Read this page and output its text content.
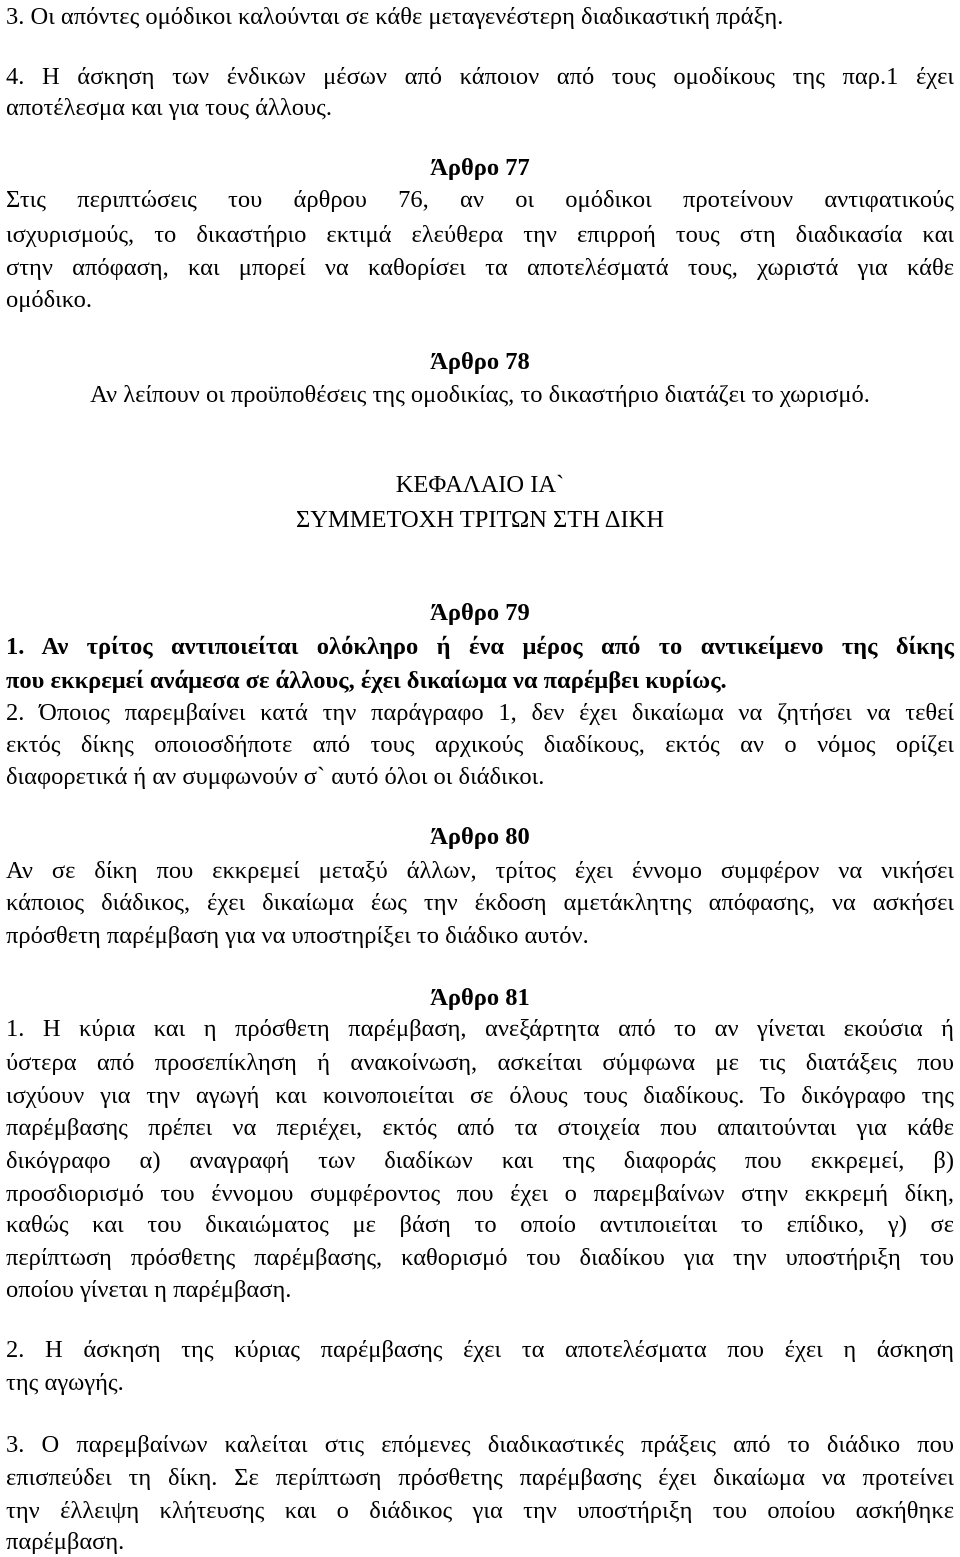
3. Οι απόντες ομόδικοι καλούνται σε κάθε μεταγενέστερη διαδικαστική πράξη.
4. Η άσκηση των ένδικων μέσων από κάποιον από τους ομοδίκους της παρ.1 έχει
αποτέλεσμα και για τους άλλους.
Άρθρο 77
Στις περιπτώσεις του άρθρου 76, αν οι ομόδικοι προτείνουν αντιφατικούς
ισχυρισμούς, το δικαστήριο εκτιμά ελεύθερα την επιρροή τους στη διαδικασία και
στην απόφαση, και μπορεί να καθορίσει τα αποτελέσματά τους, χωριστά για κάθε
ομόδικο.
Άρθρο 78
Αν λείπουν οι προϋποθέσεις της ομοδικίας, το δικαστήριο διατάζει το χωρισμό.
ΚΕΦΑΛΑΙΟ ΙΑ`
ΣΥΜΜΕΤΟΧΗ ΤΡΙΤΩΝ ΣΤΗ ΔΙΚΗ
Άρθρο 79
1. Αν τρίτος αντιποιείται ολόκληρο ή ένα μέρος από το αντικείμενο της δίκης
που εκκρεμεί ανάμεσα σε άλλους, έχει δικαίωμα να παρέμβει κυρίως.
2. Όποιος παρεμβαίνει κατά την παράγραφο 1, δεν έχει δικαίωμα να ζητήσει να τεθεί
εκτός δίκης οποιοσδήποτε από τους αρχικούς διαδίκους, εκτός αν ο νόμος ορίζει
διαφορετικά ή αν συμφωνούν σ` αυτό όλοι οι διάδικοι.
Άρθρο 80
Αν σε δίκη που εκκρεμεί μεταξύ άλλων, τρίτος έχει έννομο συμφέρον να νικήσει
κάποιος διάδικος, έχει δικαίωμα έως την έκδοση αμετάκλητης απόφασης, να ασκήσει
πρόσθετη παρέμβαση για να υποστηρίξει το διάδικο αυτόν.
Άρθρο 81
1. Η κύρια και η πρόσθετη παρέμβαση, ανεξάρτητα από το αν γίνεται εκούσια ή
ύστερα από προσεπίκληση ή ανακοίνωση, ασκείται σύμφωνα με τις διατάξεις που
ισχύουν για την αγωγή και κοινοποιείται σε όλους τους διαδίκους. Το δικόγραφο της
παρέμβασης πρέπει να περιέχει, εκτός από τα στοιχεία που απαιτούνται για κάθε
δικόγραφο α) αναγραφή των διαδίκων και της διαφοράς που εκκρεμεί, β)
προσδιορισμό του έννομου συμφέροντος που έχει ο παρεμβαίνων στην εκκρεμή δίκη,
καθώς και του δικαιώματος με βάση το οποίο αντιποιείται το επίδικο, γ) σε
περίπτωση πρόσθετης παρέμβασης, καθορισμό του διαδίκου για την υποστήριξη του
οποίου γίνεται η παρέμβαση.
2. Η άσκηση της κύριας παρέμβασης έχει τα αποτελέσματα που έχει η άσκηση
της αγωγής.
3. Ο παρεμβαίνων καλείται στις επόμενες διαδικαστικές πράξεις από το διάδικο που
επισπεύδει τη δίκη. Σε περίπτωση πρόσθετης παρέμβασης έχει δικαίωμα να προτείνει
την έλλειψη κλήτευσης και ο διάδικος για την υποστήριξη του οποίου ασκήθηκε
παρέμβαση.
